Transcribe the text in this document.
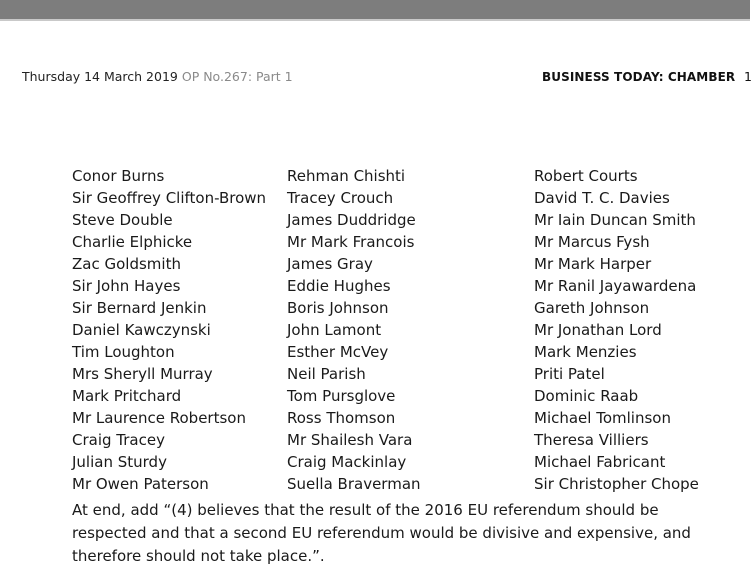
Thursday 14 March 2019 OP No.267: Part 1	BUSINESS TODAY: CHAMBER 1
Conor Burns
Sir Geoffrey Clifton-Brown
Steve Double
Charlie Elphicke
Zac Goldsmith
Sir John Hayes
Sir Bernard Jenkin
Daniel Kawczynski
Tim Loughton
Mrs Sheryll Murray
Mark Pritchard
Mr Laurence Robertson
Craig Tracey
Julian Sturdy
Mr Owen Paterson
Rehman Chishti
Tracey Crouch
James Duddridge
Mr Mark Francois
James Gray
Eddie Hughes
Boris Johnson
John Lamont
Esther McVey
Neil Parish
Tom Pursglove
Ross Thomson
Mr Shailesh Vara
Craig Mackinlay
Suella Braverman
Robert Courts
David T. C. Davies
Mr Iain Duncan Smith
Mr Marcus Fysh
Mr Mark Harper
Mr Ranil Jayawardena
Gareth Johnson
Mr Jonathan Lord
Mark Menzies
Priti Patel
Dominic Raab
Michael Tomlinson
Theresa Villiers
Michael Fabricant
Sir Christopher Chope
At end, add “(4) believes that the result of the 2016 EU referendum should be
respected and that a second EU referendum would be divisive and expensive, and
therefore should not take place.”.
